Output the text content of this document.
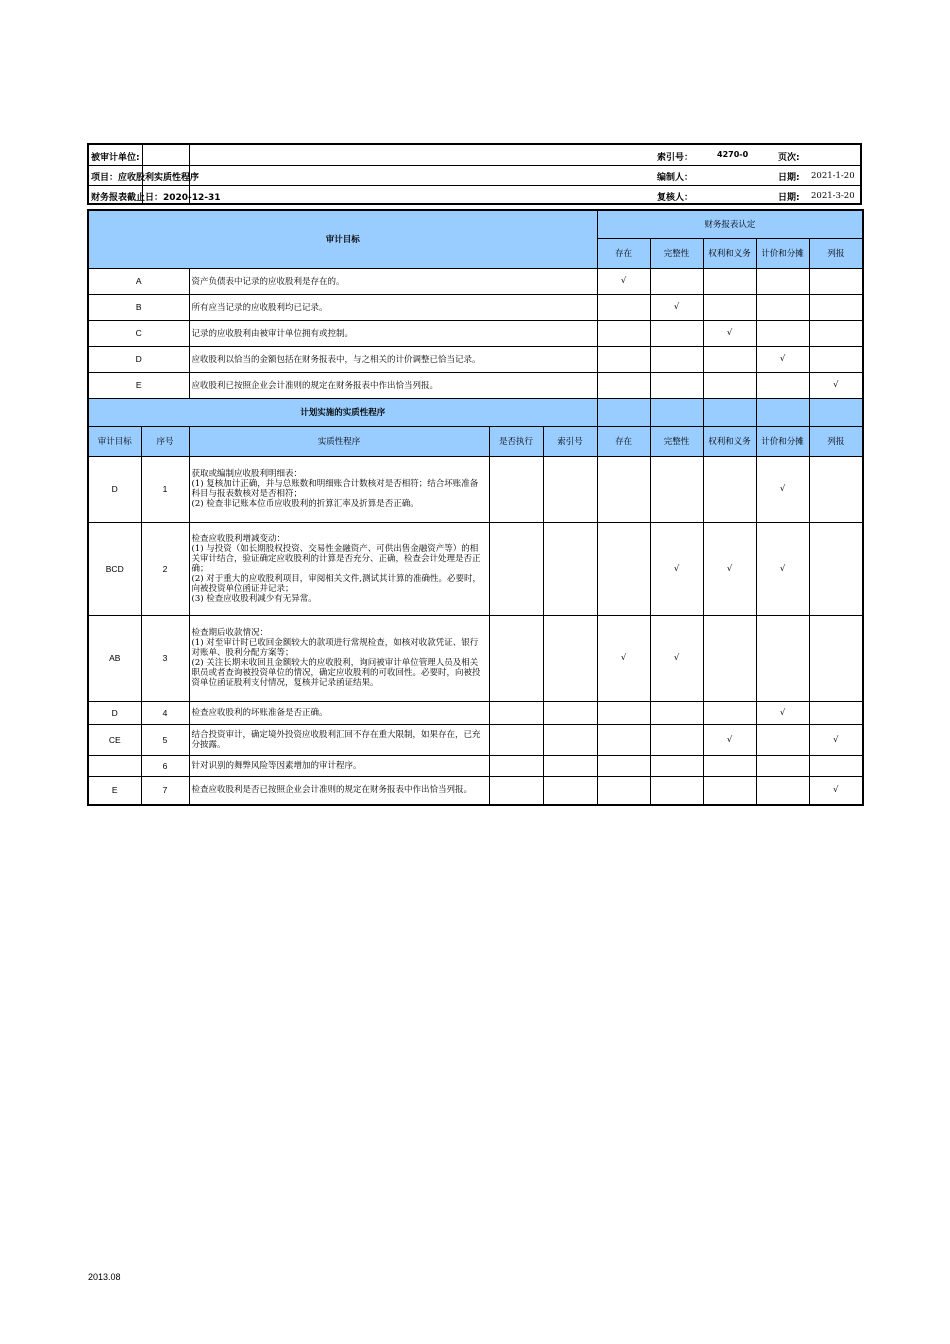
被审计单位:
项目：应收股利实质性程序
财务报表截止日：2020-12-31
索引号：	4270-0	页次:
编制人：	日期: 2021-1-20
复核人：	日期: 2021-3-20
审计目标					财务报表认定				
					存在	完整性	权利和义务	计价和分摊	列报
A		资产负债表中记录的应收股利是存在的。			√				
B		所有应当记录的应收股利均已记录。				√			
C		记录的应收股利由被审计单位拥有或控制。					√		
D		应收股利以恰当的金额包括在财务报表中，与之相关的计价调整已恰当记录。						√	
E		应收股利已按照企业会计准则的规定在财务报表中作出恰当列报。							√
计划实施的实质性程序									
审计目标	序号	实质性程序	是否执行	索引号	存在	完整性	权利和义务	计价和分摊	列报
D	1	获取或编制应收股利明细表：
(1) 复核加计正确，并与总账数和明细账合计数核对是否相符；结合坏账准备科目与报表数核对是否相符；
(2) 检查非记账本位币应收股利的折算汇率及折算是否正确。						√	
BCD	2	检查应收股利增减变动：
(1) 与投资（如长期股权投资、交易性金融资产、可供出售金融资产等）的相关审计结合，验证确定应收股利的计算是否充分、正确，检查会计处理是否正确；
(2) 对于重大的应收股利项目，审阅相关文件,测试其计算的准确性。必要时，向被投资单位函证并记录；
(3) 检查应收股利减少有无异常。				√	√	√	
AB	3	检查期后收款情况：
(1) 对至审计时已收回金额较大的款项进行常规检查，如核对收款凭证、银行对账单、股利分配方案等；
(2) 关注长期未收回且金额较大的应收股利，询问被审计单位管理人员及相关职员或者查询被投资单位的情况，确定应收股利的可收回性。必要时，向被投资单位函证股利支付情况，复核并记录函证结果。			√	√			
D	4	检查应收股利的坏账准备是否正确。						√	
CE	5	结合投资审计，确定境外投资应收股利汇回不存在重大限制，如果存在，已充分披露。					√		√
	6	针对识别的舞弊风险等因素增加的审计程序。							
E	7	检查应收股利是否已按照企业会计准则的规定在财务报表中作出恰当列报。							√
2013.08
